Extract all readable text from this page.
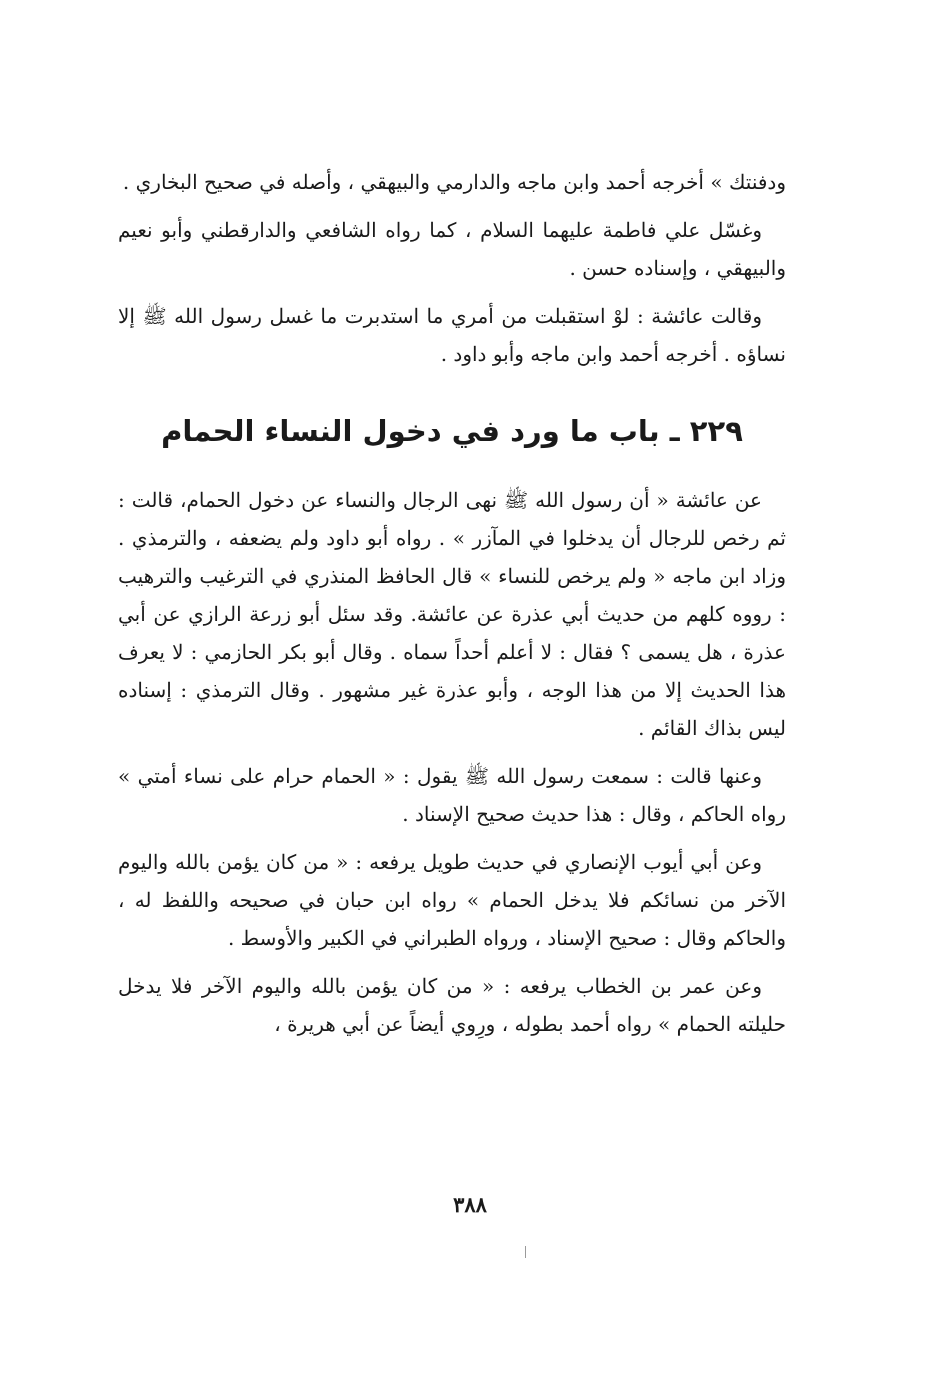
ودفنتك » أخرجه أحمد وابن ماجه والدارمي والبيهقي ، وأصله في صحيح البخاري .

وغسّل علي فاطمة عليهما السلام ، كما رواه الشافعي والدارقطني وأبو نعيم والبيهقي ، وإسناده حسن .

وقالت عائشة : لوْ استقبلت من أمري ما استدبرت ما غسل رسول الله ﷺ إلا نساؤه . أخرجه أحمد وابن ماجه وأبو داود .

٢٢٩ ـ باب ما ورد في دخول النساء الحمام

عن عائشة « أن رسول الله ﷺ نهى الرجال والنساء عن دخول الحمام، قالت : ثم رخص للرجال أن يدخلوا في المآزر » . رواه أبو داود ولم يضعفه ، والترمذي . وزاد ابن ماجه « ولم يرخص للنساء » قال الحافظ المنذري في الترغيب والترهيب : رووه كلهم من حديث أبي عذرة عن عائشة. وقد سئل أبو زرعة الرازي عن أبي عذرة ، هل يسمى ؟ فقال : لا أعلم أحداً سماه . وقال أبو بكر الحازمي : لا يعرف هذا الحديث إلا من هذا الوجه ، وأبو عذرة غير مشهور . وقال الترمذي : إسناده ليس بذاك القائم .

وعنها قالت : سمعت رسول الله ﷺ يقول : « الحمام حرام على نساء أمتي » رواه الحاكم ، وقال : هذا حديث صحيح الإسناد .

وعن أبي أيوب الإنصاري في حديث طويل يرفعه : « من كان يؤمن بالله واليوم الآخر من نسائكم فلا يدخل الحمام » رواه ابن حبان في صحيحه واللفظ له ، والحاكم وقال : صحيح الإسناد ، ورواه الطبراني في الكبير والأوسط .

وعن عمر بن الخطاب يرفعه : « من كان يؤمن بالله واليوم الآخر فلا يدخل حليلته الحمام » رواه أحمد بطوله ، ورِوي أيضاً عن أبي هريرة ،

٣٨٨
